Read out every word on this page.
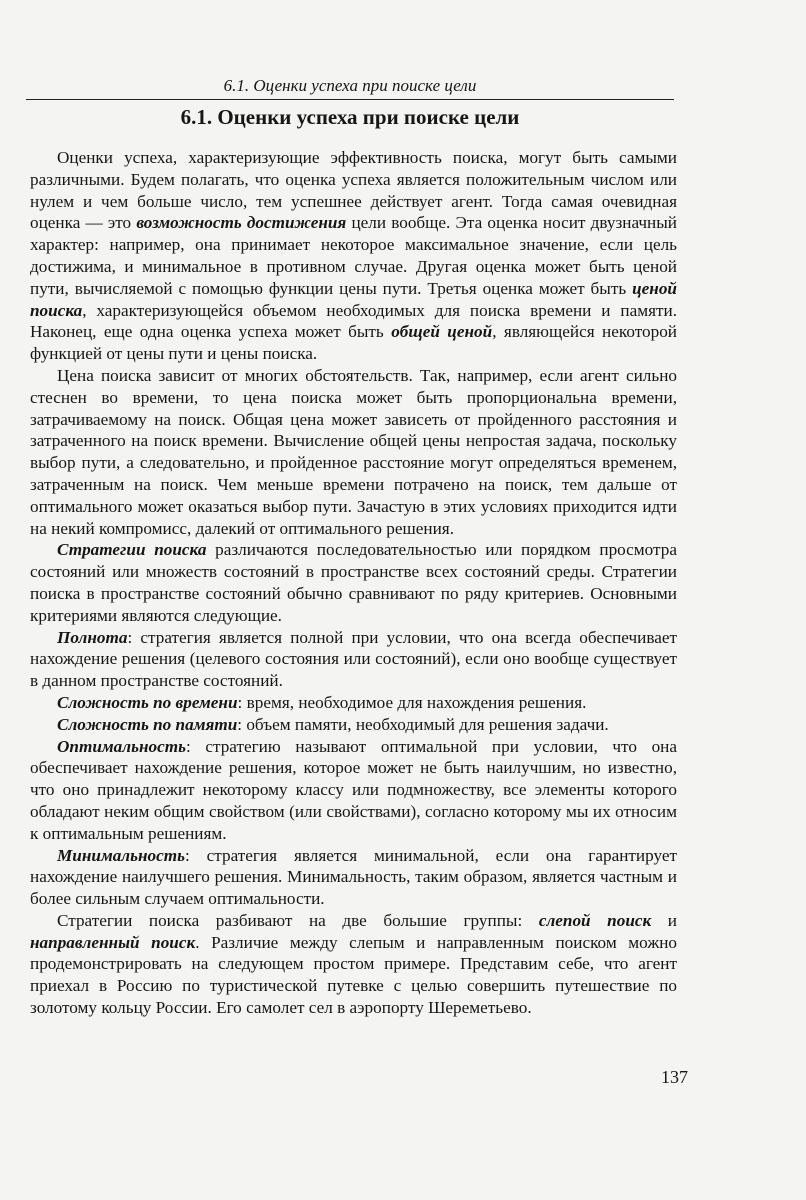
6.1. Оценки успеха при поиске цели
6.1. Оценки успеха при поиске цели

Оценки успеха, характеризующие эффективность поиска, могут быть самыми различными. Будем полагать, что оценка успеха является положительным числом или нулем и чем больше число, тем успешнее действует агент. Тогда самая очевидная оценка — это возможность достижения цели вообще. Эта оценка носит двузначный характер: например, она принимает некоторое максимальное значение, если цель достижима, и минимальное в противном случае. Другая оценка может быть ценой пути, вычисляемой с помощью функции цены пути. Третья оценка может быть ценой поиска, характеризующейся объемом необходимых для поиска времени и памяти. Наконец, еще одна оценка успеха может быть общей ценой, являющейся некоторой функцией от цены пути и цены поиска.

Цена поиска зависит от многих обстоятельств. Так, например, если агент сильно стеснен во времени, то цена поиска может быть пропорциональна времени, затрачиваемому на поиск. Общая цена может зависеть от пройденного расстояния и затраченного на поиск времени. Вычисление общей цены непростая задача, поскольку выбор пути, а следовательно, и пройденное расстояние могут определяться временем, затраченным на поиск. Чем меньше времени потрачено на поиск, тем дальше от оптимального может оказаться выбор пути. Зачастую в этих условиях приходится идти на некий компромисс, далекий от оптимального решения.

Стратегии поиска различаются последовательностью или порядком просмотра состояний или множеств состояний в пространстве всех состояний среды. Стратегии поиска в пространстве состояний обычно сравнивают по ряду критериев. Основными критериями являются следующие.

Полнота: стратегия является полной при условии, что она всегда обеспечивает нахождение решения (целевого состояния или состояний), если оно вообще существует в данном пространстве состояний.

Сложность по времени: время, необходимое для нахождения решения.

Сложность по памяти: объем памяти, необходимый для решения задачи.

Оптимальность: стратегию называют оптимальной при условии, что она обеспечивает нахождение решения, которое может не быть наилучшим, но известно, что оно принадлежит некоторому классу или подмножеству, все элементы которого обладают неким общим свойством (или свойствами), согласно которому мы их относим к оптимальным решениям.

Минимальность: стратегия является минимальной, если она гарантирует нахождение наилучшего решения. Минимальность, таким образом, является частным и более сильным случаем оптимальности.

Стратегии поиска разбивают на две большие группы: слепой поиск и направленный поиск. Различие между слепым и направленным поиском можно продемонстрировать на следующем простом примере. Представим себе, что агент приехал в Россию по туристической путевке с целью совершить путешествие по золотому кольцу России. Его самолет сел в аэропорту Шереметьево.

137
